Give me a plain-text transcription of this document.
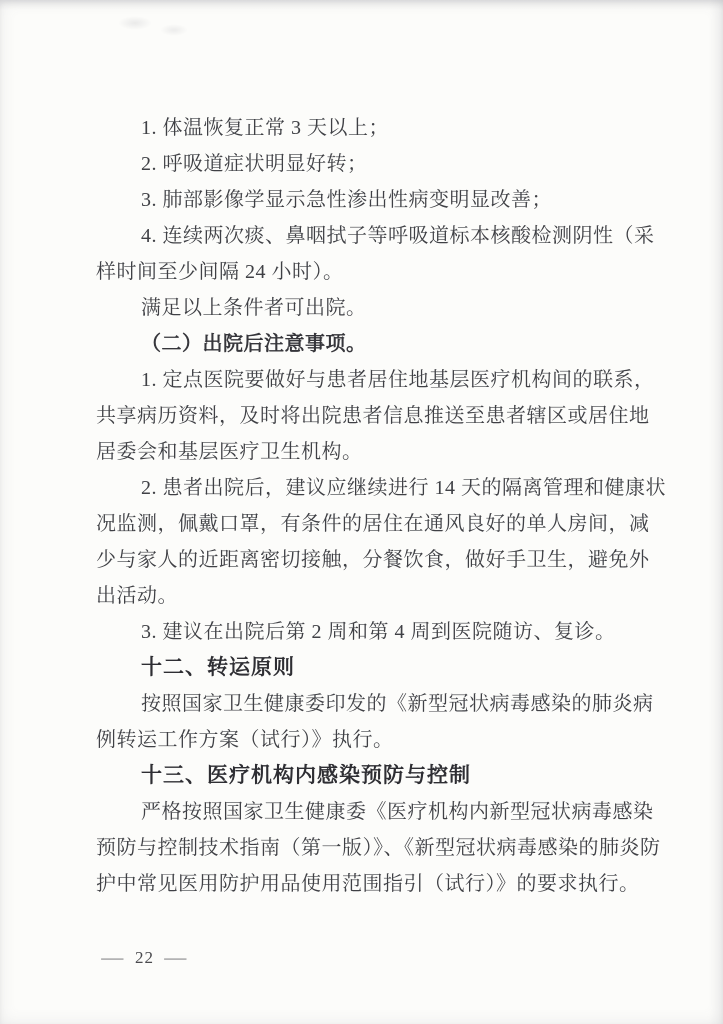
1. 体温恢复正常 3 天以上；
2. 呼吸道症状明显好转；
3. 肺部影像学显示急性渗出性病变明显改善；
4. 连续两次痰、鼻咽拭子等呼吸道标本核酸检测阴性（采
样时间至少间隔 24 小时）。
满足以上条件者可出院。
（二）出院后注意事项。
1. 定点医院要做好与患者居住地基层医疗机构间的联系，
共享病历资料，及时将出院患者信息推送至患者辖区或居住地
居委会和基层医疗卫生机构。
2. 患者出院后，建议应继续进行 14 天的隔离管理和健康状
况监测，佩戴口罩，有条件的居住在通风良好的单人房间，减
少与家人的近距离密切接触，分餐饮食，做好手卫生，避免外
出活动。
3. 建议在出院后第 2 周和第 4 周到医院随访、复诊。
十二、转运原则
按照国家卫生健康委印发的《新型冠状病毒感染的肺炎病
例转运工作方案（试行）》执行。
十三、医疗机构内感染预防与控制
严格按照国家卫生健康委《医疗机构内新型冠状病毒感染
预防与控制技术指南（第一版）》、《新型冠状病毒感染的肺炎防
护中常见医用防护用品使用范围指引（试行）》的要求执行。
— 22 —
